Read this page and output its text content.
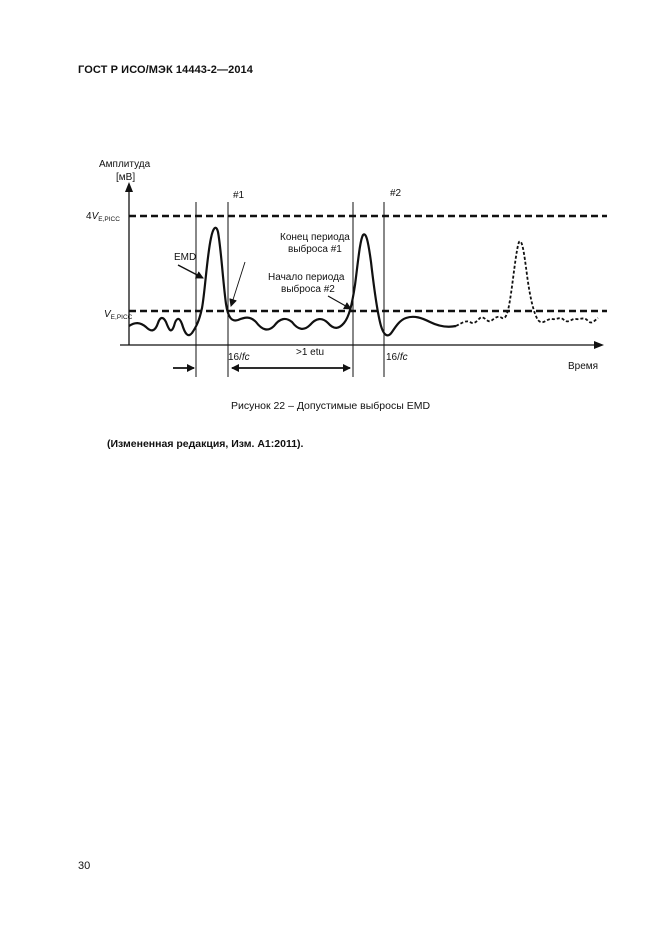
ГОСТ Р ИСО/МЭК 14443-2—2014
Амплитуда
[мВ]
Время
$4V_{E,PICC}$
$V_{E,PICC}$
#1	#2
EMD
Конец периода
выброса #1
Начало периода
выброса #2
16/fc	>1 etu	16/fc
Рисунок 22 – Допустимые выбросы EMD
(Измененная редакция, Изм. А1:2011).
30
